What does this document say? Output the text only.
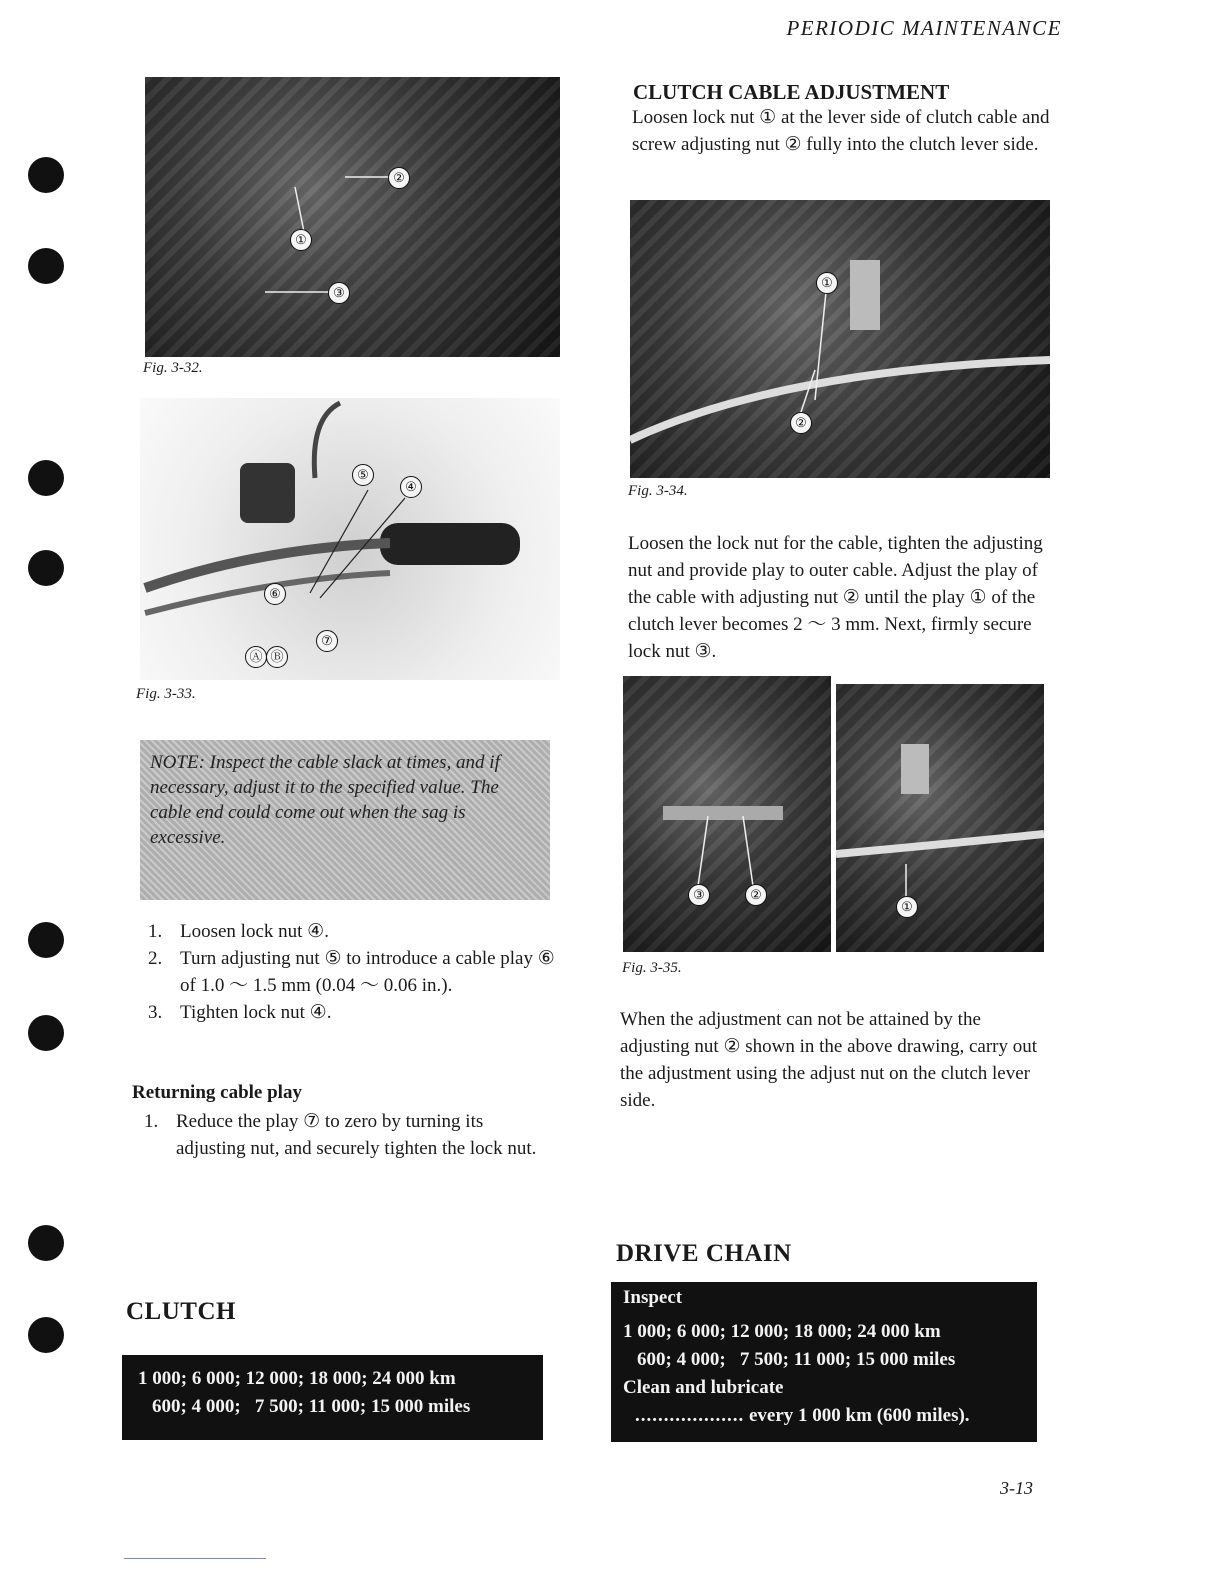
PERIODIC MAINTENANCE
②
①
③
Fig. 3-32.
⑤
④
⑥
⑦
Ⓐ Ⓑ
Fig. 3-33.
NOTE: Inspect the cable slack at times, and if necessary, adjust it to the specified value. The cable end could come out when the sag is excessive.
1. Loosen lock nut ④.
2. Turn adjusting nut ⑤ to introduce a cable play ⑥ of 1.0 ～ 1.5 mm (0.04 ～ 0.06 in.).
3. Tighten lock nut ④.
Returning cable play
1. Reduce the play ⑦ to zero by turning its adjusting nut, and securely tighten the lock nut.
CLUTCH
1 000; 6 000; 12 000; 18 000; 24 000 km
600; 4 000;   7 500; 11 000; 15 000 miles
CLUTCH CABLE ADJUSTMENT
Loosen lock nut ① at the lever side of clutch cable and screw adjusting nut ② fully into the clutch lever side.
①
②
Fig. 3-34.
Loosen the lock nut for the cable, tighten the adjusting nut and provide play to outer cable. Adjust the play of the cable with adjusting nut ② until the play ① of the clutch lever becomes 2 ～ 3 mm. Next, firmly secure lock nut ③.
③	②
①
Fig. 3-35.
When the adjustment can not be attained by the adjusting nut ② shown in the above drawing, carry out the adjustment using the adjust nut on the clutch lever side.
DRIVE CHAIN
Inspect
1 000; 6 000; 12 000; 18 000; 24 000 km
600; 4 000;   7 500; 11 000; 15 000 miles
Clean and lubricate
................... every 1 000 km (600 miles).
3-13
